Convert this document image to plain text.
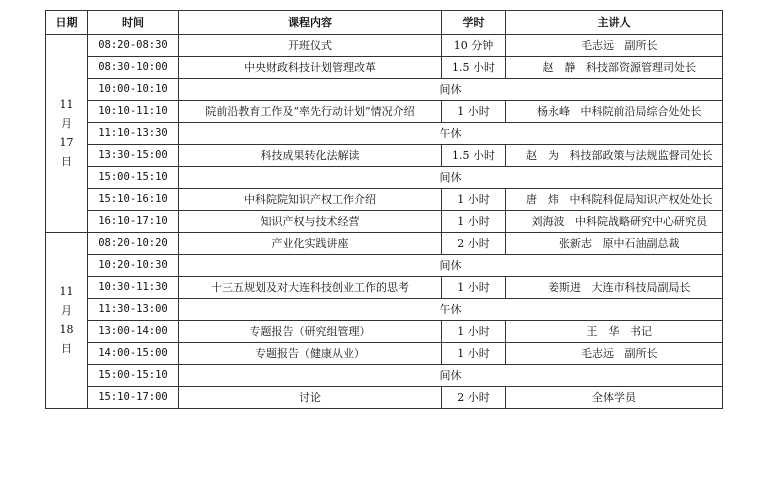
日期	时间	课程内容	学时	主讲人

11
月
17
日	08:20-08:30	开班仪式	10 分钟	毛志远 副所长
	08:30-10:00	中央财政科技计划管理改革	1.5 小时	赵　静 科技部资源管理司处长
	10:00-10:10	间休		
	10:10-11:10	院前沿教育工作及“率先行动计划”情况介绍	1 小时	杨永峰 中科院前沿局综合处处长
	11:10-13:30	午休		
	13:30-15:00	科技成果转化法解读	1.5 小时	赵　为 科技部政策与法规监督司处长
	15:00-15:10	间休		
	15:10-16:10	中科院院知识产权工作介绍	1 小时	唐　炜 中科院科促局知识产权处处长
	16:10-17:10	知识产权与技术经营	1 小时	刘海波 中科院战略研究中心研究员

11
月
18
日	08:20-10:20	产业化实践讲座	2 小时	张新志 原中石油副总裁
	10:20-10:30	间休		
	10:30-11:30	十三五规划及对大连科技创业工作的思考	1 小时	姜斯进 大连市科技局副局长
	11:30-13:00	午休		
	13:00-14:00	专题报告（研究组管理）	1 小时	王　华 书记
	14:00-15:00	专题报告（健康从业）	1 小时	毛志远 副所长
	15:00-15:10	间休		
	15:10-17:00	讨论	2 小时	全体学员
